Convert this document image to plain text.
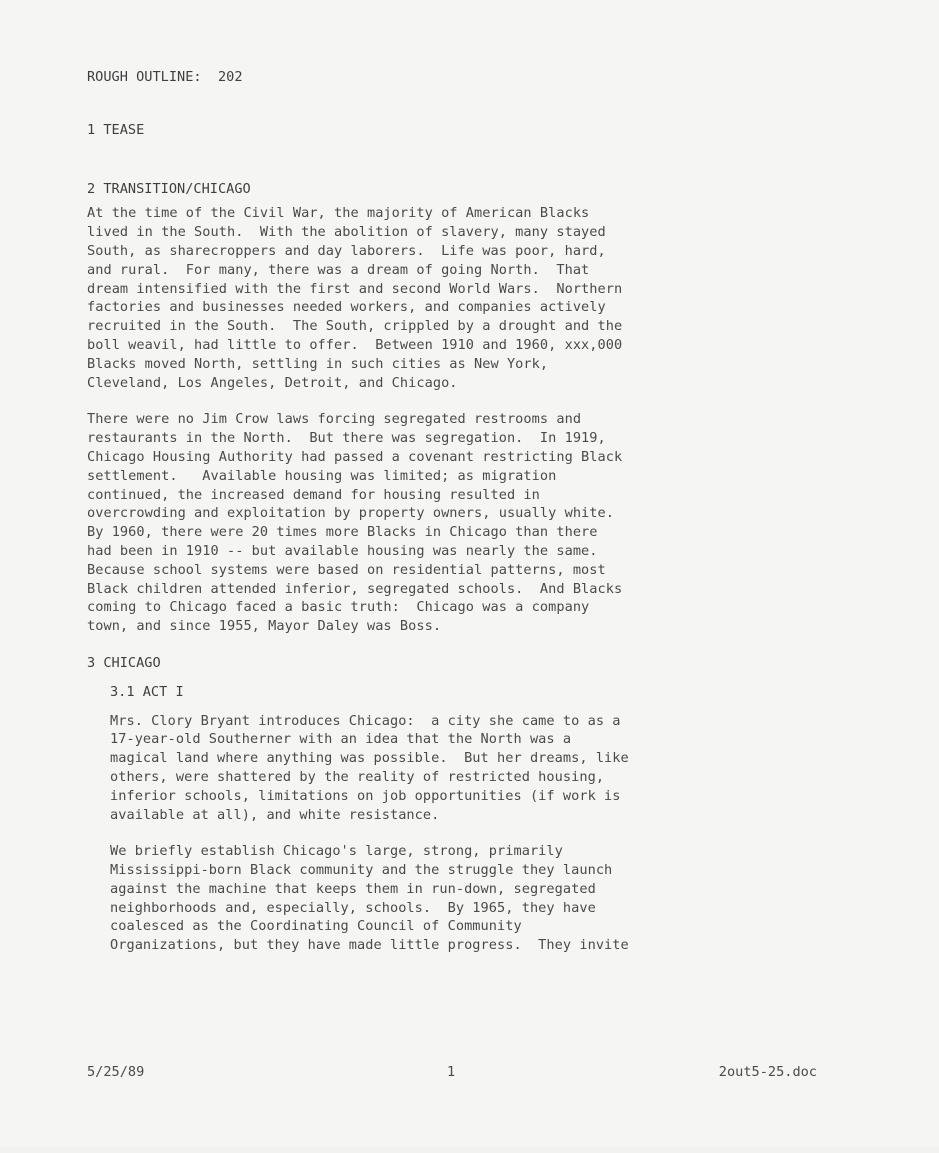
ROUGH OUTLINE:  202

1 TEASE

2 TRANSITION/CHICAGO

At the time of the Civil War, the majority of American Blacks
lived in the South.  With the abolition of slavery, many stayed
South, as sharecroppers and day laborers.  Life was poor, hard,
and rural.  For many, there was a dream of going North.  That
dream intensified with the first and second World Wars.  Northern
factories and businesses needed workers, and companies actively
recruited in the South.  The South, crippled by a drought and the
boll weavil, had little to offer.  Between 1910 and 1960, xxx,000
Blacks moved North, settling in such cities as New York,
Cleveland, Los Angeles, Detroit, and Chicago.

There were no Jim Crow laws forcing segregated restrooms and
restaurants in the North.  But there was segregation.  In 1919,
Chicago Housing Authority had passed a covenant restricting Black
settlement.   Available housing was limited; as migration
continued, the increased demand for housing resulted in
overcrowding and exploitation by property owners, usually white.
By 1960, there were 20 times more Blacks in Chicago than there
had been in 1910 -- but available housing was nearly the same.
Because school systems were based on residential patterns, most
Black children attended inferior, segregated schools.  And Blacks
coming to Chicago faced a basic truth:  Chicago was a company
town, and since 1955, Mayor Daley was Boss.

3 CHICAGO

3.1 ACT I

Mrs. Clory Bryant introduces Chicago:  a city she came to as a
17-year-old Southerner with an idea that the North was a
magical land where anything was possible.  But her dreams, like
others, were shattered by the reality of restricted housing,
inferior schools, limitations on job opportunities (if work is
available at all), and white resistance.

We briefly establish Chicago's large, strong, primarily
Mississippi-born Black community and the struggle they launch
against the machine that keeps them in run-down, segregated
neighborhoods and, especially, schools.  By 1965, they have
coalesced as the Coordinating Council of Community
Organizations, but they have made little progress.  They invite

5/25/89

	1

	2out5-25.doc
